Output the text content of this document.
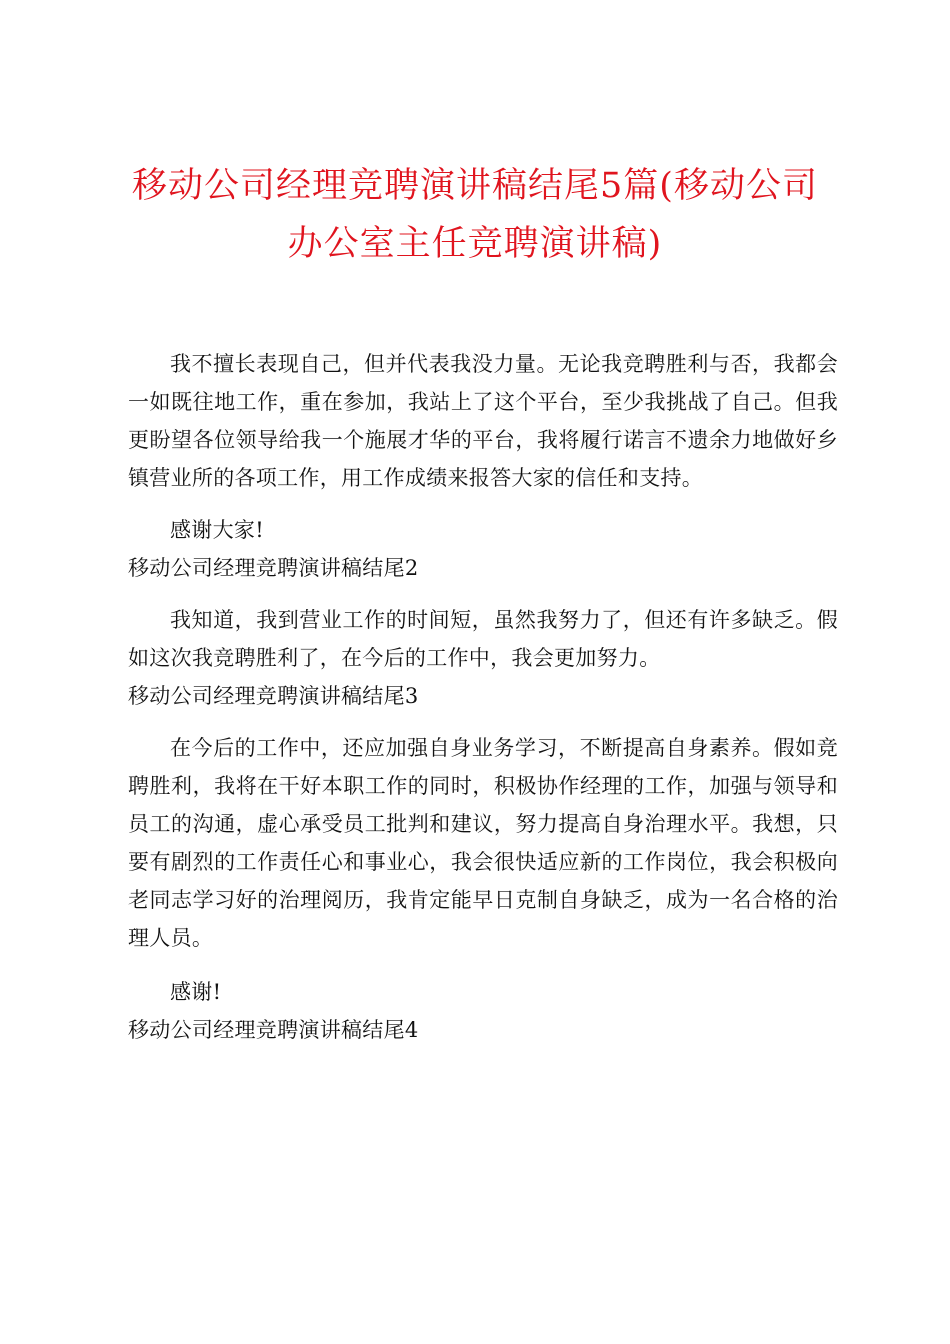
移动公司经理竞聘演讲稿结尾5篇(移动公司
办公室主任竞聘演讲稿)

我不擅长表现自己，但并代表我没力量。无论我竞聘胜利与否，我都会一如既往地工作，重在参加，我站上了这个平台，至少我挑战了自己。但我更盼望各位领导给我一个施展才华的平台，我将履行诺言不遗余力地做好乡镇营业所的各项工作，用工作成绩来报答大家的信任和支持。

感谢大家!

移动公司经理竞聘演讲稿结尾2

我知道，我到营业工作的时间短，虽然我努力了，但还有许多缺乏。假如这次我竞聘胜利了，在今后的工作中，我会更加努力。

移动公司经理竞聘演讲稿结尾3

在今后的工作中，还应加强自身业务学习，不断提高自身素养。假如竞聘胜利，我将在干好本职工作的同时，积极协作经理的工作，加强与领导和员工的沟通，虚心承受员工批判和建议，努力提高自身治理水平。我想，只要有剧烈的工作责任心和事业心，我会很快适应新的工作岗位，我会积极向老同志学习好的治理阅历，我肯定能早日克制自身缺乏，成为一名合格的治理人员。

感谢!

移动公司经理竞聘演讲稿结尾4
